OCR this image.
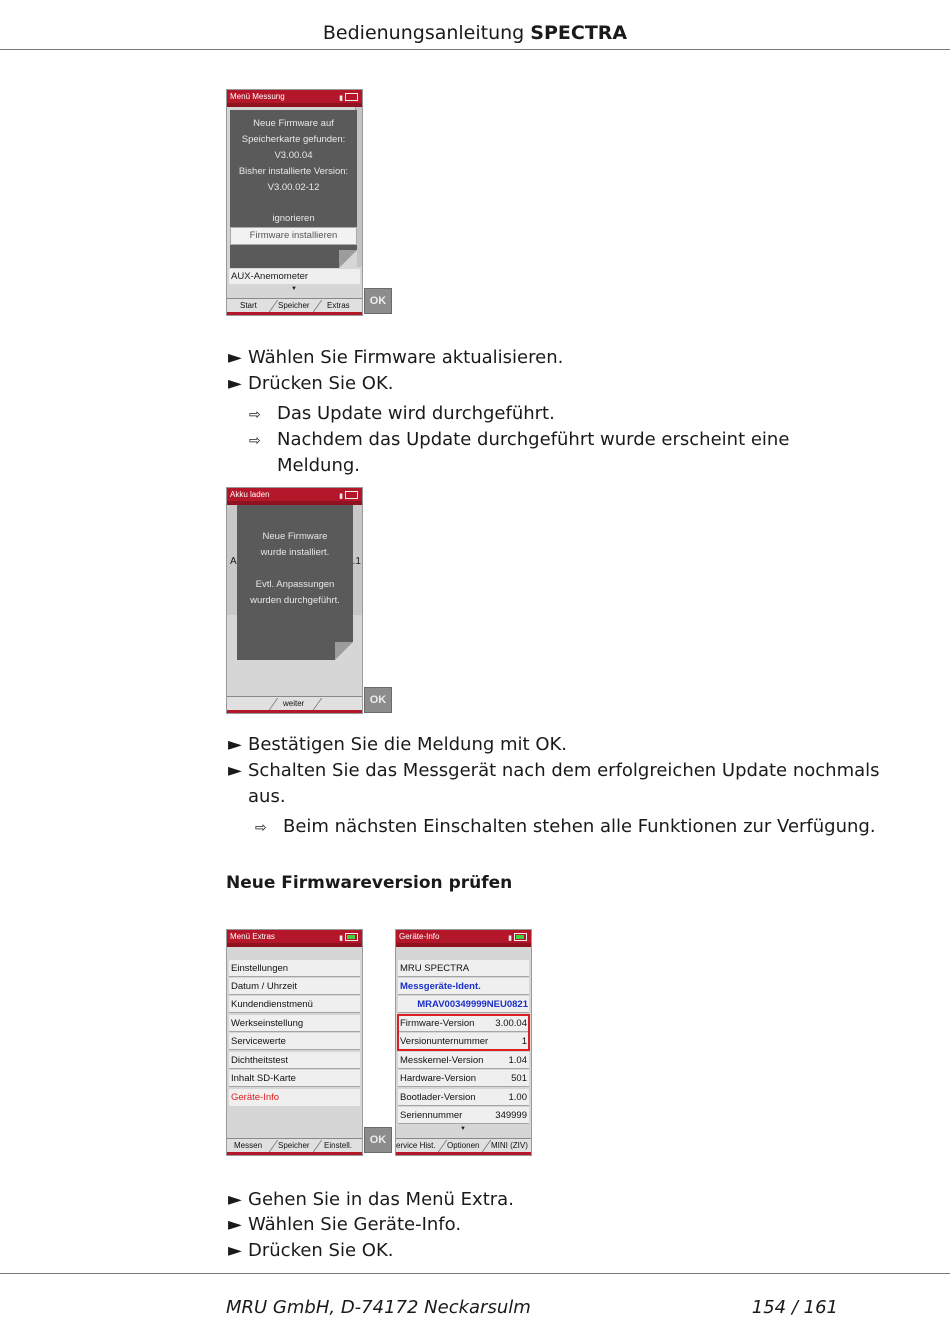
Bedienungsanleitung SPECTRA
Menü Messung	▮
Neue Firmware auf
Speicherkarte gefunden:
V3.00.04
Bisher installierte Version:
V3.00.02-12
ignorieren
Firmware installieren
AUX-Anemometer
▼
Start	Speicher Extras	OK
► Wählen Sie Firmware aktualisieren.
► Drücken Sie OK.
⇨ Das Update wird durchgeführt.
⇨ Nachdem das Update durchgeführt wurde erscheint eine
Meldung.
Akku laden	▮
A	.1
Neue Firmware
wurde installiert.
Evtl. Anpassungen
wurden durchgeführt.
weiter	OK
► Bestätigen Sie die Meldung mit OK.
► Schalten Sie das Messgerät nach dem erfolgreichen Update nochmals
aus.
⇨ Beim nächsten Einschalten stehen alle Funktionen zur Verfügung.
Neue Firmwareversion prüfen
Menü Extras	▮
Einstellungen
Datum / Uhrzeit
Kundendienstmenü
Werkseinstellung
Servicewerte
Dichtheitstest
Inhalt SD-Karte
Geräte-Info
Messen Speicher Einstell.	OK
Geräte-Info	▮
MRU SPECTRA
Messgeräte-Ident.
MRAV00349999NEU0821
Firmware-Version 3.00.04
Versionunternummer	1
Messkernel-Version	1.04
Hardware-Version	501
Bootlader-Version	1.00
Seriennummer	349999
▼
ervice Hist. Optionen MINI (ZIV)
► Gehen Sie in das Menü Extra.
► Wählen Sie Geräte-Info.
► Drücken Sie OK.
MRU GmbH, D-74172 Neckarsulm	154 / 161
